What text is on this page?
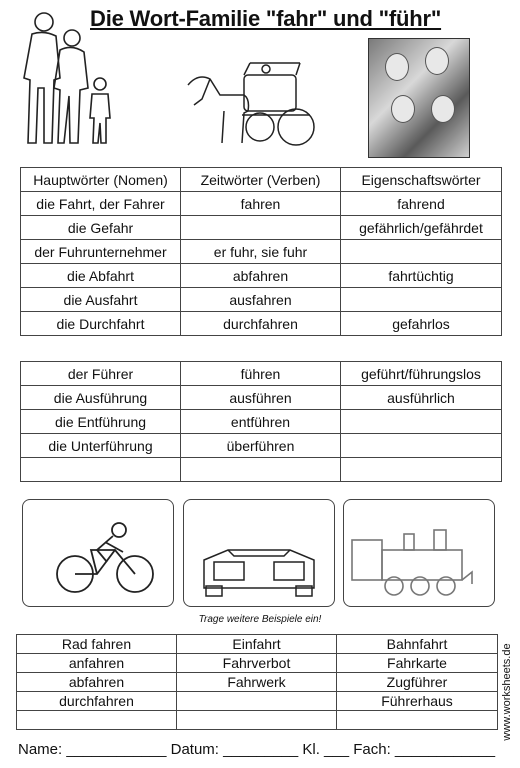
Die Wort-Familie "fahr" und "führ"
Hauptwörter (Nomen)	Zeitwörter (Verben)	Eigenschaftswörter
die Fahrt, der Fahrer	fahren	fahrend
die Gefahr		gefährlich/gefährdet
der Fuhrunternehmer	er fuhr, sie fuhr	
die Abfahrt	abfahren	fahrtüchtig
die Ausfahrt	ausfahren	
die Durchfahrt	durchfahren	gefahrlos
der Führer	führen	geführt/führungslos
die Ausführung	ausführen	ausführlich
die Entführung	entführen	
die Unterführung	überführen	

Trage weitere Beispiele ein!
Rad fahren	Einfahrt	Bahnfahrt
anfahren	Fahrverbot	Fahrkarte
abfahren	Fahrwerk	Zugführer
durchfahren		Führerhaus
			www.worksheets.de
Name: ____________ Datum: _________ Kl. ___ Fach: ____________
